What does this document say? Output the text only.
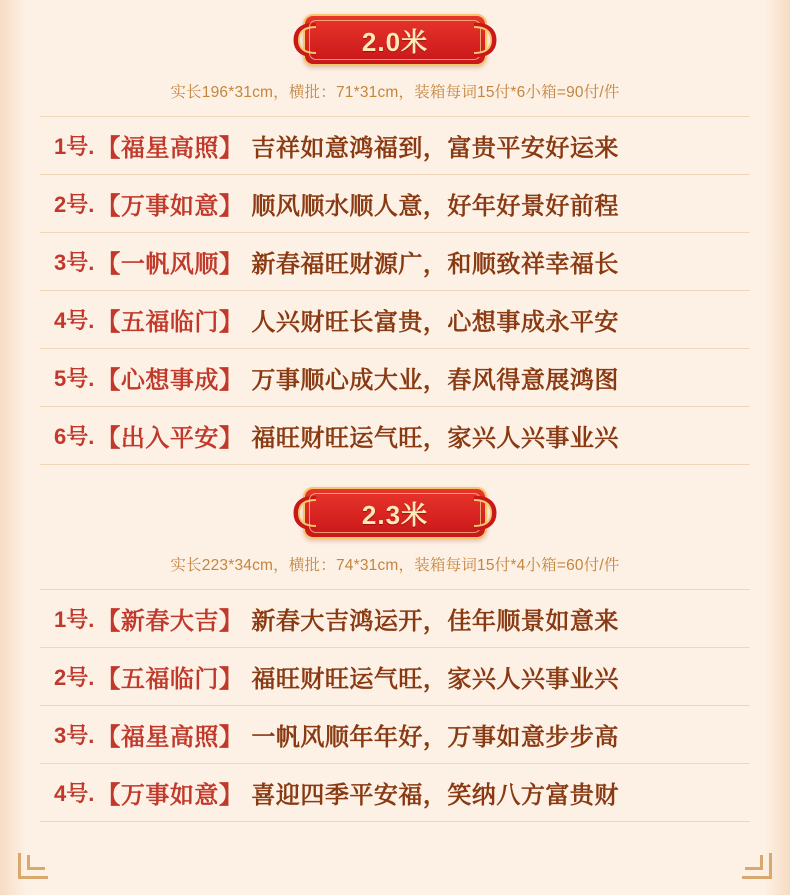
2.0米
实长196*31cm，横批：71*31cm，装箱每词15付*6小箱=90付/件
1号. 【福星高照】 吉祥如意鸿福到，富贵平安好运来
2号. 【万事如意】 顺风顺水顺人意，好年好景好前程
3号. 【一帆风顺】 新春福旺财源广，和顺致祥幸福长
4号. 【五福临门】 人兴财旺长富贵，心想事成永平安
5号. 【心想事成】 万事顺心成大业，春风得意展鸿图
6号. 【出入平安】 福旺财旺运气旺，家兴人兴事业兴
2.3米
实长223*34cm，横批：74*31cm，装箱每词15付*4小箱=60付/件
1号. 【新春大吉】 新春大吉鸿运开，佳年顺景如意来
2号. 【五福临门】 福旺财旺运气旺，家兴人兴事业兴
3号. 【福星高照】 一帆风顺年年好，万事如意步步高
4号. 【万事如意】 喜迎四季平安福，笑纳八方富贵财
